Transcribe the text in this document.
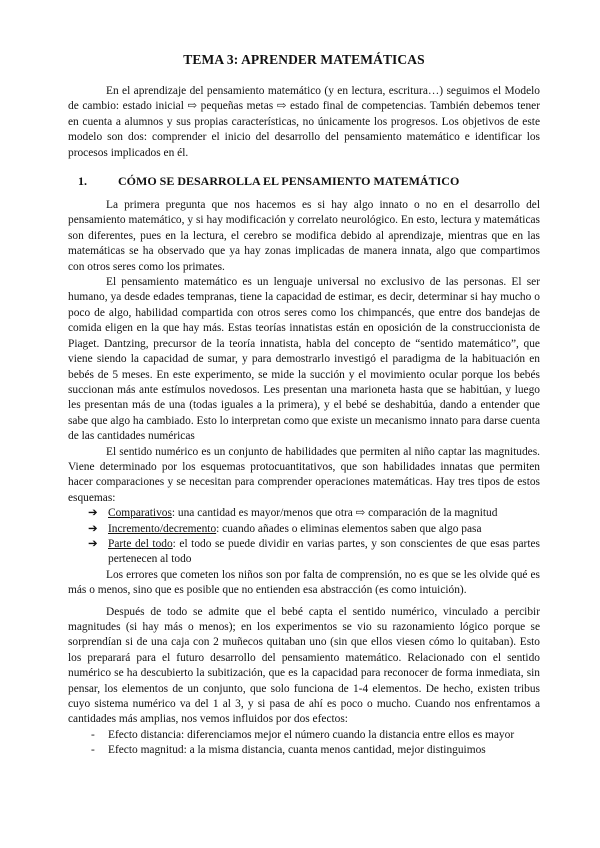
TEMA 3: APRENDER MATEMÁTICAS

En el aprendizaje del pensamiento matemático (y en lectura, escritura…) seguimos el Modelo de cambio: estado inicial ⇨ pequeñas metas ⇨ estado final de competencias. También debemos tener en cuenta a alumnos y sus propias características, no únicamente los progresos. Los objetivos de este modelo son dos: comprender el inicio del desarrollo del pensamiento matemático e identificar los procesos implicados en él.

1.	CÓMO SE DESARROLLA EL PENSAMIENTO MATEMÁTICO

La primera pregunta que nos hacemos es si hay algo innato o no en el desarrollo del pensamiento matemático, y si hay modificación y correlato neurológico. En esto, lectura y matemáticas son diferentes, pues en la lectura, el cerebro se modifica debido al aprendizaje, mientras que en las matemáticas se ha observado que ya hay zonas implicadas de manera innata, algo que compartimos con otros seres como los primates.

El pensamiento matemático es un lenguaje universal no exclusivo de las personas. El ser humano, ya desde edades tempranas, tiene la capacidad de estimar, es decir, determinar si hay mucho o poco de algo, habilidad compartida con otros seres como los chimpancés, que entre dos bandejas de comida eligen en la que hay más. Estas teorías innatistas están en oposición de la construccionista de Piaget. Dantzing, precursor de la teoría innatista, habla del concepto de “sentido matemático”, que viene siendo la capacidad de sumar, y para demostrarlo investigó el paradigma de la habituación en bebés de 5 meses. En este experimento, se mide la succión y el movimiento ocular porque los bebés succionan más ante estímulos novedosos. Les presentan una marioneta hasta que se habitúan, y luego les presentan más de una (todas iguales a la primera), y el bebé se deshabitúa, dando a entender que sabe que algo ha cambiado. Esto lo interpretan como que existe un mecanismo innato para darse cuenta de las cantidades numéricas

El sentido numérico es un conjunto de habilidades que permiten al niño captar las magnitudes. Viene determinado por los esquemas protocuantitativos, que son habilidades innatas que permiten hacer comparaciones y se necesitan para comprender operaciones matemáticas. Hay tres tipos de estos esquemas:

➔ Comparativos: una cantidad es mayor/menos que otra ⇨ comparación de la magnitud
➔ Incremento/decremento: cuando añades o eliminas elementos saben que algo pasa
➔ Parte del todo: el todo se puede dividir en varias partes, y son conscientes de que esas partes pertenecen al todo

Los errores que cometen los niños son por falta de comprensión, no es que se les olvide qué es más o menos, sino que es posible que no entienden esa abstracción (es como intuición).

Después de todo se admite que el bebé capta el sentido numérico, vinculado a percibir magnitudes (si hay más o menos); en los experimentos se vio su razonamiento lógico porque se sorprendían si de una caja con 2 muñecos quitaban uno (sin que ellos viesen cómo lo quitaban). Esto los preparará para el futuro desarrollo del pensamiento matemático. Relacionado con el sentido numérico se ha descubierto la subitización, que es la capacidad para reconocer de forma inmediata, sin pensar, los elementos de un conjunto, que solo funciona de 1-4 elementos. De hecho, existen tribus cuyo sistema numérico va del 1 al 3, y si pasa de ahí es poco o mucho. Cuando nos enfrentamos a cantidades más amplias, nos vemos influidos por dos efectos:

- Efecto distancia: diferenciamos mejor el número cuando la distancia entre ellos es mayor
- Efecto magnitud: a la misma distancia, cuanta menos cantidad, mejor distinguimos
